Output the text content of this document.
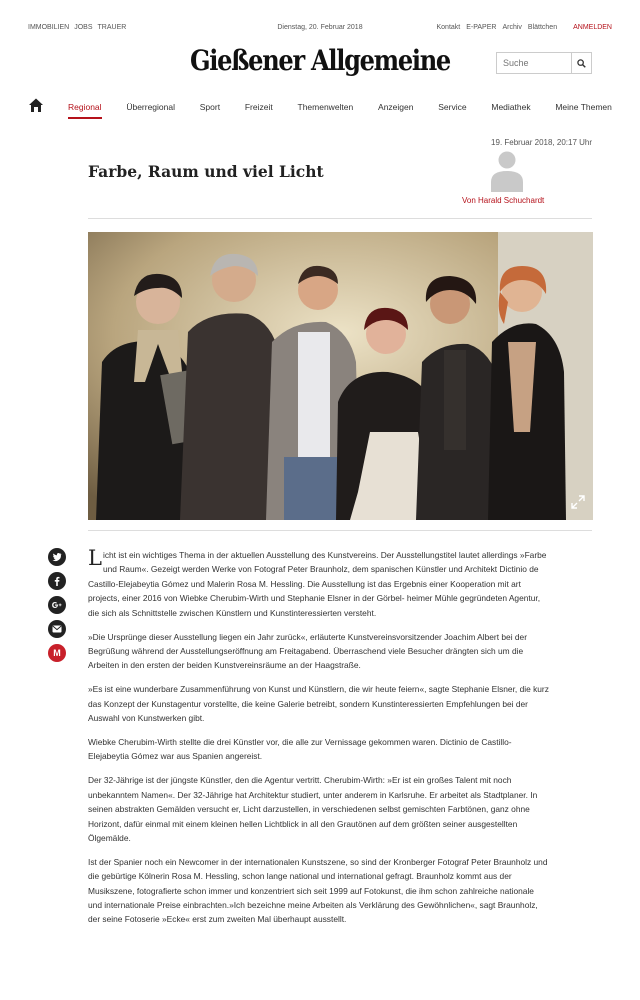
IMMOBILIEN JOBS TRAUER	Dienstag, 20. Februar 2018	Kontakt E-PAPER Archiv Blättchen ANMELDEN
Gießener Allgemeine
Suche
Regional	Überregional	Sport	Freizeit	Themenwelten	Anzeigen	Service	Mediathek	Meine Themen
19. Februar 2018, 20:17 Uhr
Von Harald Schuchardt
Farbe, Raum und viel Licht
M

Licht ist ein wichtiges Thema in der aktuellen Ausstellung des Kunstvereins. Der Ausstellungstitel lautet allerdings »Farbe und Raum«. Gezeigt werden Werke von Fotograf Peter Braunholz, dem spanischen Künstler und Architekt Dictinio de Castillo-Elejabeytia Gómez und Malerin Rosa M. Hessling. Die Ausstellung ist das Ergebnis einer Kooperation mit art projects, einer 2016 von Wiebke Cherubim-Wirth und Stephanie Elsner in der Görbel- heimer Mühle gegründeten Agentur, die sich als Schnittstelle zwischen Künstlern und Kunstinteressierten versteht.

»Die Ursprünge dieser Ausstellung liegen ein Jahr zurück«, erläuterte Kunstvereinsvorsitzender Joachim Albert bei der Begrüßung während der Ausstellungseröffnung am Freitagabend. Überraschend viele Besucher drängten sich um die Arbeiten in den ersten der beiden Kunstvereinsräume an der Haagstraße.

»Es ist eine wunderbare Zusammenführung von Kunst und Künstlern, die wir heute feiern«, sagte Stephanie Elsner, die kurz das Konzept der Kunstagentur vorstellte, die keine Galerie betreibt, sondern Kunstinteressierten Empfehlungen bei der Auswahl von Kunstwerken gibt.

Wiebke Cherubim-Wirth stellte die drei Künstler vor, die alle zur Vernissage gekommen waren. Dictinio de Castillo-Elejabeytia Gómez war aus Spanien angereist.

Der 32-Jährige ist der jüngste Künstler, den die Agentur vertritt. Cherubim-Wirth: »Er ist ein großes Talent mit noch unbekanntem Namen«. Der 32-Jährige hat Architektur studiert, unter anderem in Karlsruhe. Er arbeitet als Stadtplaner. In seinen abstrakten Gemälden versucht er, Licht darzustellen, in verschiedenen selbst gemischten Farbtönen, ganz ohne Horizont, dafür einmal mit einem kleinen hellen Lichtblick in all den Grautönen auf dem größten seiner ausgestellten Ölgemälde.

Ist der Spanier noch ein Newcomer in der internationalen Kunstszene, so sind der Kronberger Fotograf Peter Braunholz und die gebürtige Kölnerin Rosa M. Hessling, schon lange national und international gefragt. Braunholz kommt aus der Musikszene, fotografierte schon immer und konzentriert sich seit 1999 auf Fotokunst, die ihm schon zahlreiche nationale und internationale Preise einbrachten.»Ich bezeichne meine Arbeiten als Verklärung des Gewöhnlichen«, sagt Braunholz, der seine Fotoserie »Ecke« erst zum zweiten Mal überhaupt ausstellt.
